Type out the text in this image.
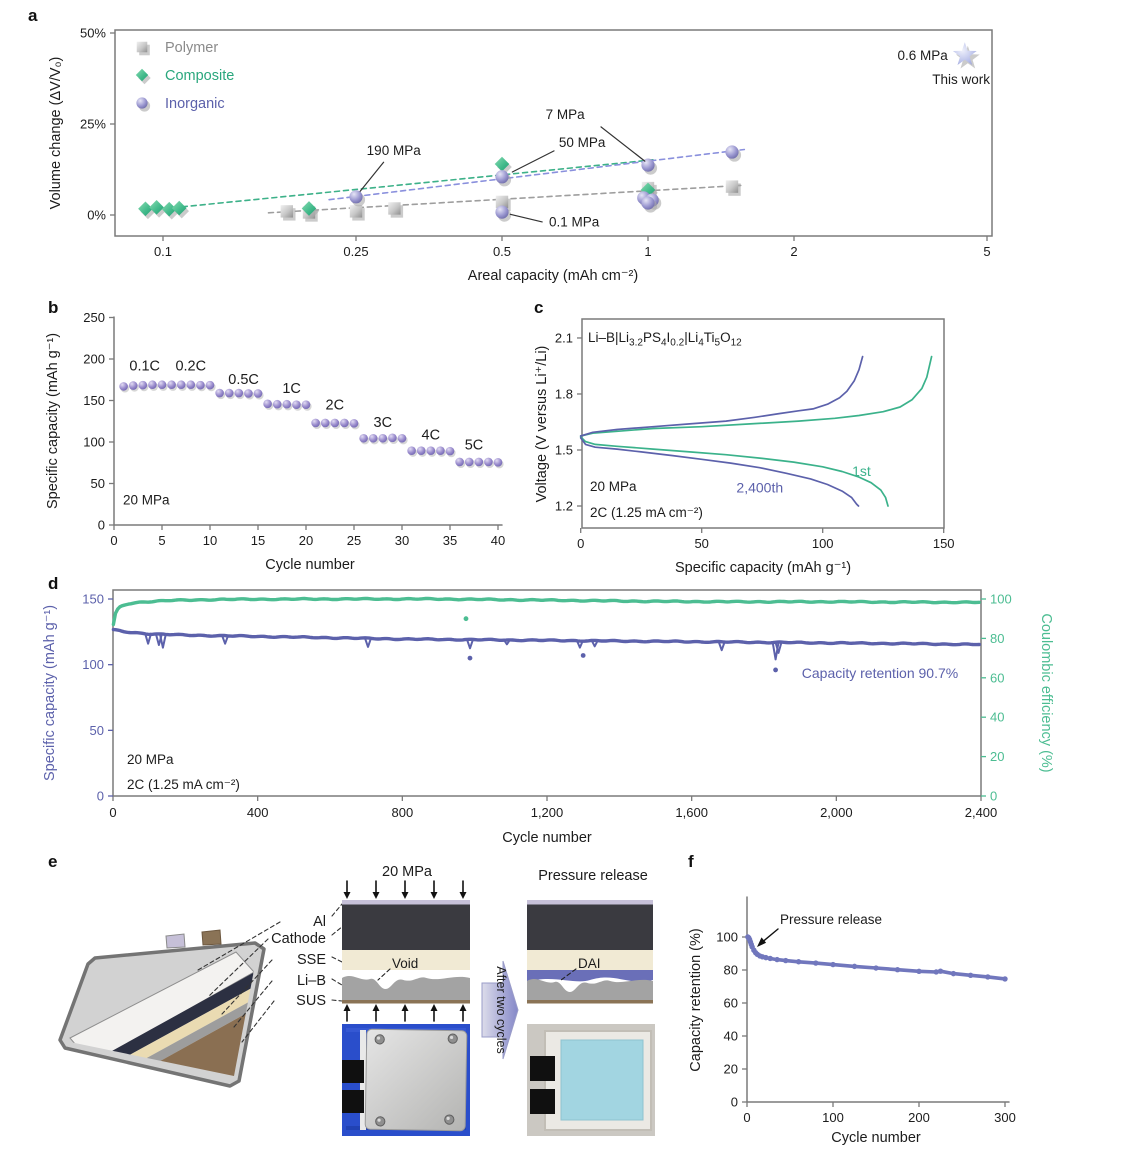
a
b	c
d
e	f
0.1	0.25	0.5	1	2	5
Areal capacity (mAh cm⁻²)
0%
25%
50%
Volume change (ΔV/V₀)	190 MPa
7 MPa
50 MPa
0.1 MPa
0.6 MPa
This work
Polymer
Composite
Inorganic
0	5	10	15	20	25	30	35	40
0
50
100
150
200
250
Cycle number
Specific capacity (mAh g⁻¹)	0.1C 0.2C
0.5C
1C
2C
3C
4C
5C
20 MPa
0	50	100	150
1.2
1.5
1.8
2.1
Specific capacity (mAh g⁻¹)
Voltage (V versus Li⁺/Li)
$Li-B|Li_{3.2}PS_4I_{0.2}|Li_4Ti_5O_{12}$
1st
2,400th
20 MPa
2C (1.25 mA cm⁻²)
0	400	800	1,200	1,600	2,000	2,400
0
50
100
150
0
20
40
60
80
100
Cycle number
Specific capacity (mAh g⁻¹)	Coulombic efficiency (%)
Capacity retention 90.7%
20 MPa
2C (1.25 mA cm⁻²)
Al
Cathode
SSE
Li–B
SUS
20 MPa	Pressure release
Void	DAI
After two cycles
0	100	200	300
0
20
40
60
80
100
Cycle number
Capacity retention (%)
Pressure release
